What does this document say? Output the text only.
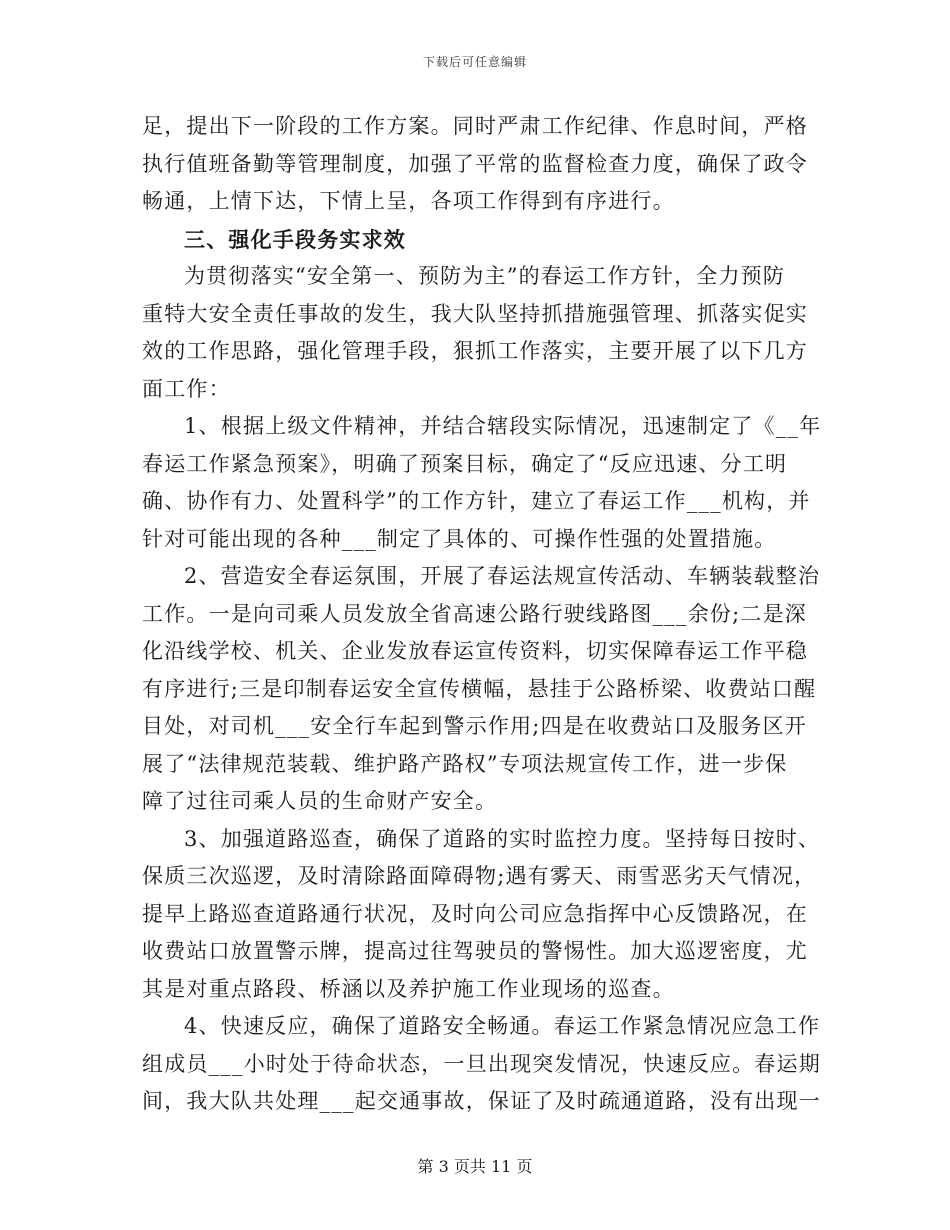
下载后可任意编辑
足，提出下一阶段的工作方案。同时严肃工作纪律、作息时间，严格
执行值班备勤等管理制度，加强了平常的监督检查力度，确保了政令
畅通，上情下达，下情上呈，各项工作得到有序进行。
三、强化手段务实求效
为贯彻落实“安全第一、预防为主”的春运工作方针，全力预防
重特大安全责任事故的发生，我大队坚持抓措施强管理、抓落实促实
效的工作思路，强化管理手段，狠抓工作落实，主要开展了以下几方
面工作：
1、根据上级文件精神，并结合辖段实际情况，迅速制定了《__年
春运工作紧急预案》，明确了预案目标，确定了“反应迅速、分工明
确、协作有力、处置科学”的工作方针，建立了春运工作___机构，并
针对可能出现的各种___制定了具体的、可操作性强的处置措施。
2、营造安全春运氛围，开展了春运法规宣传活动、车辆装载整治
工作。一是向司乘人员发放全省高速公路行驶线路图___余份;二是深
化沿线学校、机关、企业发放春运宣传资料，切实保障春运工作平稳
有序进行;三是印制春运安全宣传横幅，悬挂于公路桥梁、收费站口醒
目处，对司机___安全行车起到警示作用;四是在收费站口及服务区开
展了“法律规范装载、维护路产路权”专项法规宣传工作，进一步保
障了过往司乘人员的生命财产安全。
3、加强道路巡查，确保了道路的实时监控力度。坚持每日按时、
保质三次巡逻，及时清除路面障碍物;遇有雾天、雨雪恶劣天气情况，
提早上路巡查道路通行状况，及时向公司应急指挥中心反馈路况，在
收费站口放置警示牌，提高过往驾驶员的警惕性。加大巡逻密度，尤
其是对重点路段、桥涵以及养护施工作业现场的巡查。
4、快速反应，确保了道路安全畅通。春运工作紧急情况应急工作
组成员___小时处于待命状态，一旦出现突发情况，快速反应。春运期
间，我大队共处理___起交通事故，保证了及时疏通道路，没有出现一
第 3 页共 11 页
